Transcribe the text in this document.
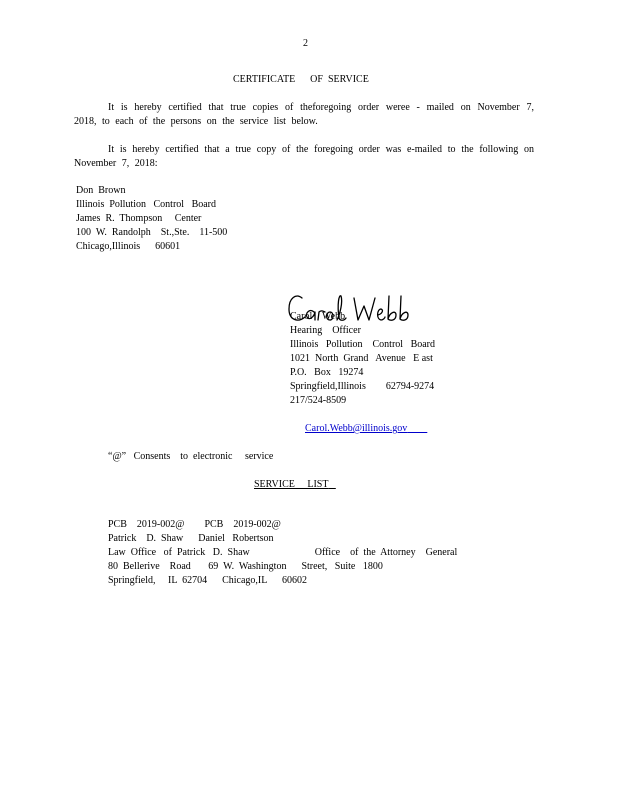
2
CERTIFICATE      OF  SERVICE
It is hereby certified that true copies of theforegoing order weree - mailed on November 7, 2018, to each of the persons on the service list below.
It is hereby certified that a true copy of the foregoing order was e-mailed to the following on November 7, 2018:
Don  Brown
Illinois  Pollution   Control   Board
James  R.  Thompson     Center
100  W.  Randolph    St.,Ste.    11-500
Chicago,Illinois      60601

Carol    Webb
Hearing    Officer
Illinois   Pollution    Control   Board
1021  North  Grand   Avenue   E ast
P.O.   Box   19274
Springfield,Illinois        62794-9274
217/524-8509

Carol.Webb@illinois.gov

“@”   Consents    to  electronic     service
SERVICE     LIST
PCB    2019-002@        PCB    2019-002@
Patrick    D.  Shaw      Daniel   Robertson
Law  Office   of  Patrick   D.  Shaw                          Office    of  the  Attorney    General
80  Bellerive    Road       69  W.  Washington      Street,   Suite   1800
Springfield,     IL  62704      Chicago,IL      60602
